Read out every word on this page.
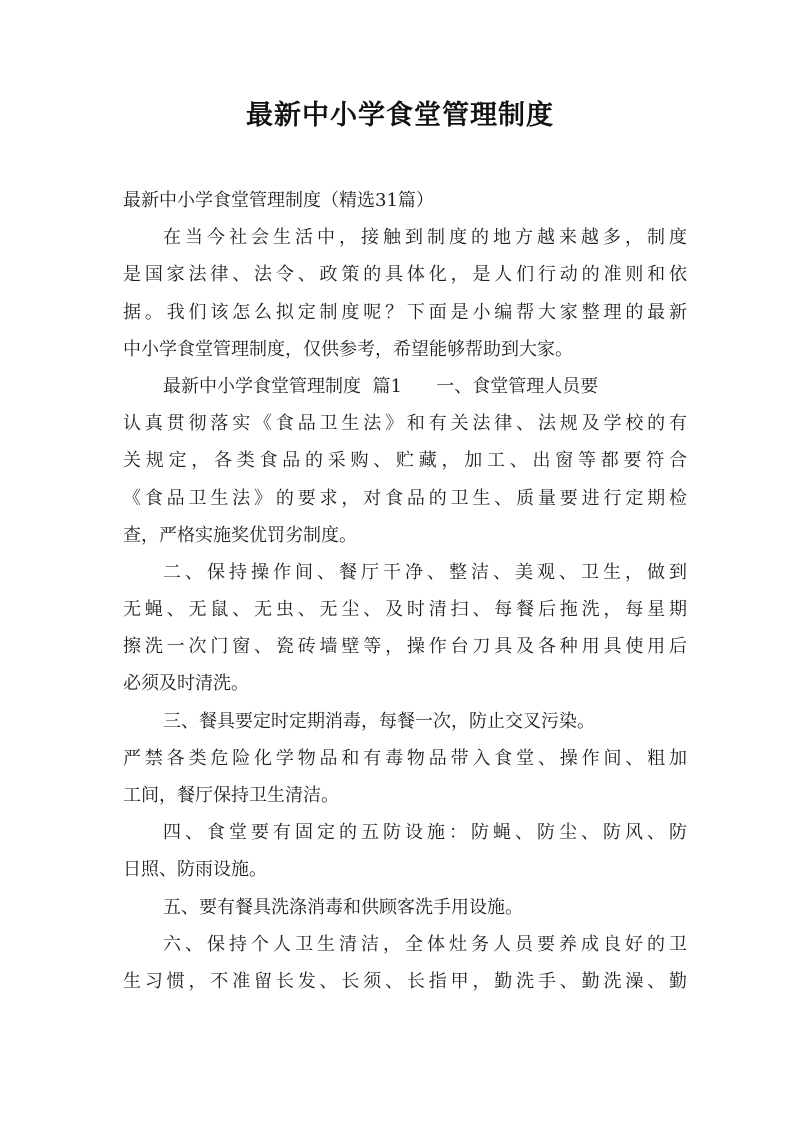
最新中小学食堂管理制度
最新中小学食堂管理制度（精选31篇）
在当今社会生活中，接触到制度的地方越来越多，制度
是国家法律、法令、政策的具体化，是人们行动的准则和依
据。我们该怎么拟定制度呢？下面是小编帮大家整理的最新
中小学食堂管理制度，仅供参考，希望能够帮助到大家。
最新中小学食堂管理制度  篇1      一、食堂管理人员要
认真贯彻落实《食品卫生法》和有关法律、法规及学校的有
关规定，各类食品的采购、贮藏，加工、出窗等都要符合
《食品卫生法》的要求，对食品的卫生、质量要进行定期检
查，严格实施奖优罚劣制度。
二、保持操作间、餐厅干净、整洁、美观、卫生，做到
无蝇、无鼠、无虫、无尘、及时清扫、每餐后拖洗，每星期
擦洗一次门窗、瓷砖墙壁等，操作台刀具及各种用具使用后
必须及时清洗。
三、餐具要定时定期消毒，每餐一次，防止交叉污染。
严禁各类危险化学物品和有毒物品带入食堂、操作间、粗加
工间，餐厅保持卫生清洁。
四、食堂要有固定的五防设施：防蝇、防尘、防风、防
日照、防雨设施。
五、要有餐具洗涤消毒和供顾客洗手用设施。
六、保持个人卫生清洁，全体灶务人员要养成良好的卫
生习惯，不准留长发、长须、长指甲，勤洗手、勤洗澡、勤
